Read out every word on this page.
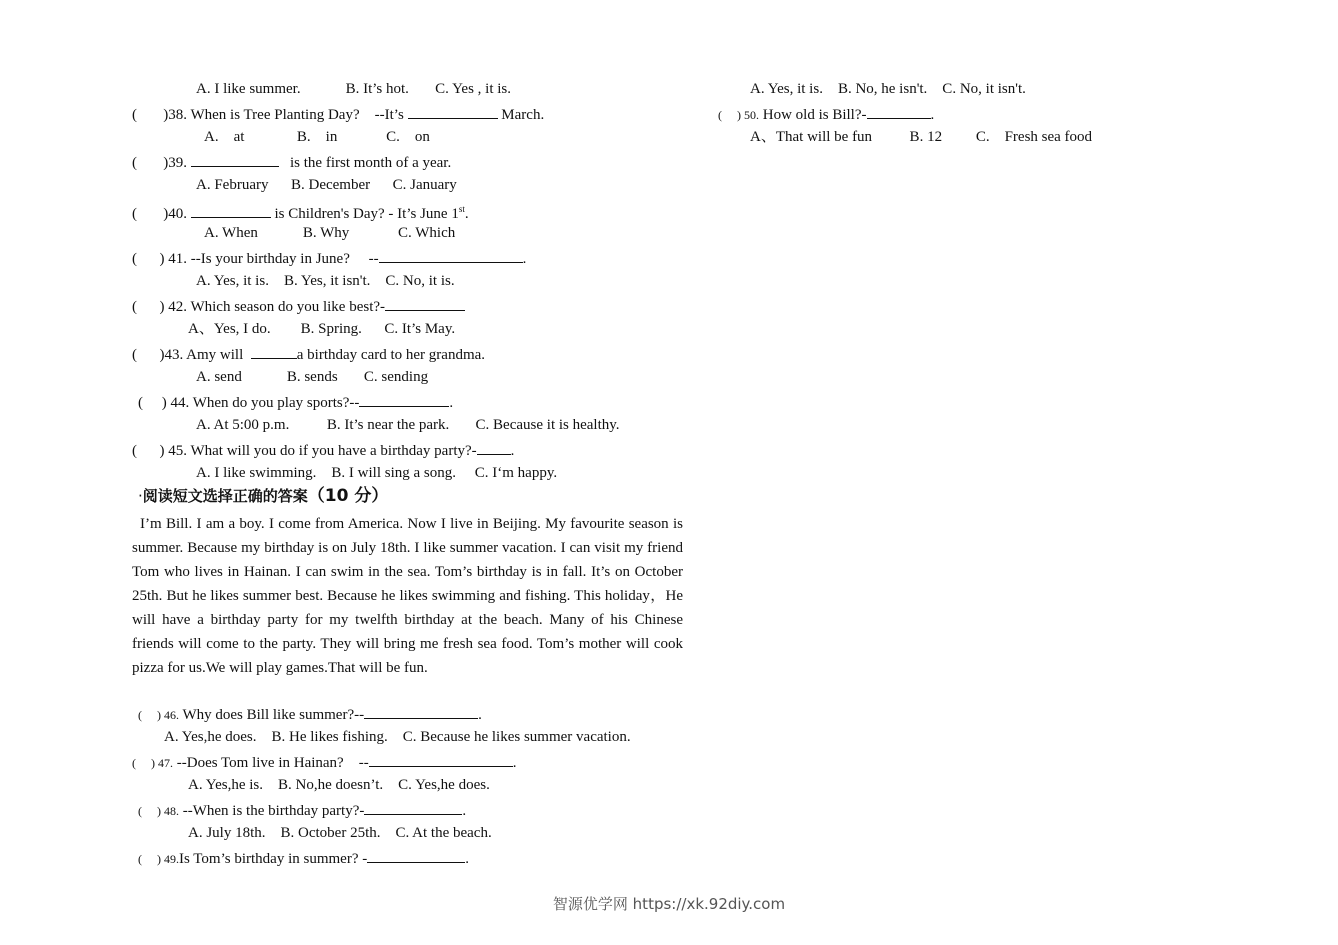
A. I like summer.            B. It’s hot.       C. Yes , it is.
(       )38. When is Tree Planting Day?    --It’s	March.
A.    at              B.    in             C.    on
(       )39.	is the first month of a year.
A. February      B. December      C. January
(       )40.	is Children's Day? - It’s June 1st.
A. When            B. Why             C. Which
(      ) 41. --Is your birthday in June?     --	.
A. Yes, it is.    B. Yes, it isn't.    C. No, it is.
(      ) 42. Which season do you like best?-
A、Yes, I do.        B. Spring.      C. It’s May.
(      )43. Amy will	a birthday card to her grandma.
A. send            B. sends       C. sending
(     ) 44. When do you play sports?--	.
A. At 5:00 p.m.          B. It’s near the park.       C. Because it is healthy.
(      ) 45. What will you do if you have a birthday party?- .
A. I like swimming.    B. I will sing a song.     C. I‘m happy.
·阅读短文选择正确的答案（10 分）
I’m Bill. I am a boy. I come from America. Now I live in Beijing. My favourite season is summer. Because my birthday is on July 18th. I like summer vacation. I can visit my friend Tom who lives in Hainan. I can swim in the sea. Tom’s birthday is in fall. It’s on October 25th. But he likes summer best. Because he likes swimming and fishing. This holiday，He will have a birthday party for my twelfth birthday at the beach. Many of his Chinese friends will come to the party. They will bring me fresh sea food. Tom’s mother will cook pizza for us.We will play games.That will be fun.
(     ) 46. Why does Bill like summer?--	.
A. Yes,he does.    B. He likes fishing.    C. Because he likes summer vacation.
(     ) 47. --Does Tom live in Hainan?    --	.
A. Yes,he is.    B. No,he doesn’t.    C. Yes,he does.
(     ) 48. --When is the birthday party?-	.
A. July 18th.    B. October 25th.    C. At the beach.
(     ) 49.Is Tom’s birthday in summer? -	.
A. Yes, it is.    B. No, he isn't.    C. No, it isn't.
(     ) 50. How old is Bill?-	.
A、That will be fun          B. 12         C.    Fresh sea food
智源优学网 https://xk.92diy.com
